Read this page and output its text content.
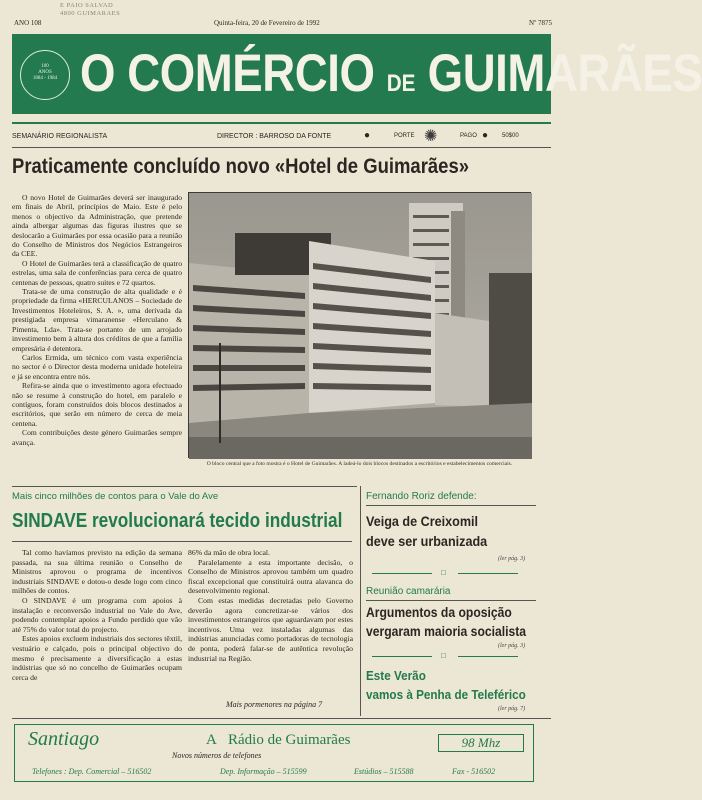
E PAIO SALVAD
4800 GUIMARAES
ANO 108	Quinta-feira, 20 de Fevereiro de 1992	Nº 7875
100
ANOS
1884 - 1984 O COMÉRCIO DE GUIMARÃES
SEMANÁRIO REGIONALISTA	DIRECTOR : BARROSO DA FONTE	●	PORTE ✺	PAGO ● 50$00
Praticamente concluído novo «Hotel de Guimarães»

O novo Hotel de Guimarães deverá ser inaugurado em finais de Abril, princípios de Maio. Este é pelo menos o objectivo da Administração, que pretende ainda albergar algumas das figuras ilustres que se deslocarão a Guimarães por essa ocasião para a reunião do Conselho de Ministros dos Negócios Estrangeiros da CEE.

O Hotel de Guimarães terá a classificação de quatro estrelas, uma sala de conferências para cerca de quatro centenas de pessoas, quatro suites e 72 quartos.

Trata-se de uma construção de alta qualidade e é propriedade da firma «HERCULANOS – Sociedade de Investimentos Hoteleiros, S. A. », uma derivada da prestigiada empresa vimaranense «Herculano & Pimenta, Lda». Trata-se portanto de um arrojado investimento bem à altura dos créditos de que a família empresária é detentora.

Carlos Ermida, um técnico com vasta experiência no sector é o Director desta moderna unidade hoteleira e já se encontra entre nós.

Refira-se ainda que o investimento agora efectuado não se resume à construção do hotel, em paralelo e contíguos, foram construídos dois blocos destinados a escritórios, que serão em número de cerca de meia centena.

Com contribuições deste género Guimarães sempre avança.

O bloco central que a foto mostra é o Hotel de Guimarães. A ladeá-lo dois blocos destinados a escritórios e estabelecimentos comerciais.
Mais cinco milhões de contos para o Vale do Ave
SINDAVE revolucionará tecido industrial

Tal como havíamos previsto na edição da semana passada, na sua última reunião o Conselho de Ministros aprovou o programa de incentivos industriais SINDAVE e dotou-o desde logo com cinco milhões de contos.

O SINDAVE é um programa com apoios à instalação e reconversão industrial no Vale do Ave, podendo contemplar apoios a Fundo perdido que vão até 75% do valor total do projecto.

Estes apoios excluem industriais dos sectores têxtil, vestuário e calçado, pois o principal objectivo do mesmo é precisamente a diversificação a estas indústrias que só no concelho de Guimarães ocupam cerca de

86% da mão de obra local.

Paralelamente a esta importante decisão, o Conselho de Ministros aprovou também um quadro fiscal excepcional que constituirá outra alavanca do desenvolvimento regional.

Com estas medidas decretadas pelo Governo deverão agora concretizar-se vários dos investimentos estrangeiros que aguardavam por estes incentivos. Uma vez instaladas algumas das indústrias anunciadas como portadoras de tecnologia de ponta, poderá falar-se de autêntica revolução industrial na Região.

Mais pormenores na página 7
Fernando Roriz defende:
Veiga de Creixomil
deve ser urbanizada
(ler pág. 3)
□
Reunião camarária
Argumentos da oposição
vergaram maioria socialista
(ler pág. 3)
□
Este Verão
vamos à Penha de Teleférico
(ler pág. 7)
Santiago	A Rádio de Guimarães	98 Mhz
Novos números de telefones
Telefones : Dep. Comercial – 516502	Dep. Informação – 515599	Estúdios – 515588	Fax - 516502
